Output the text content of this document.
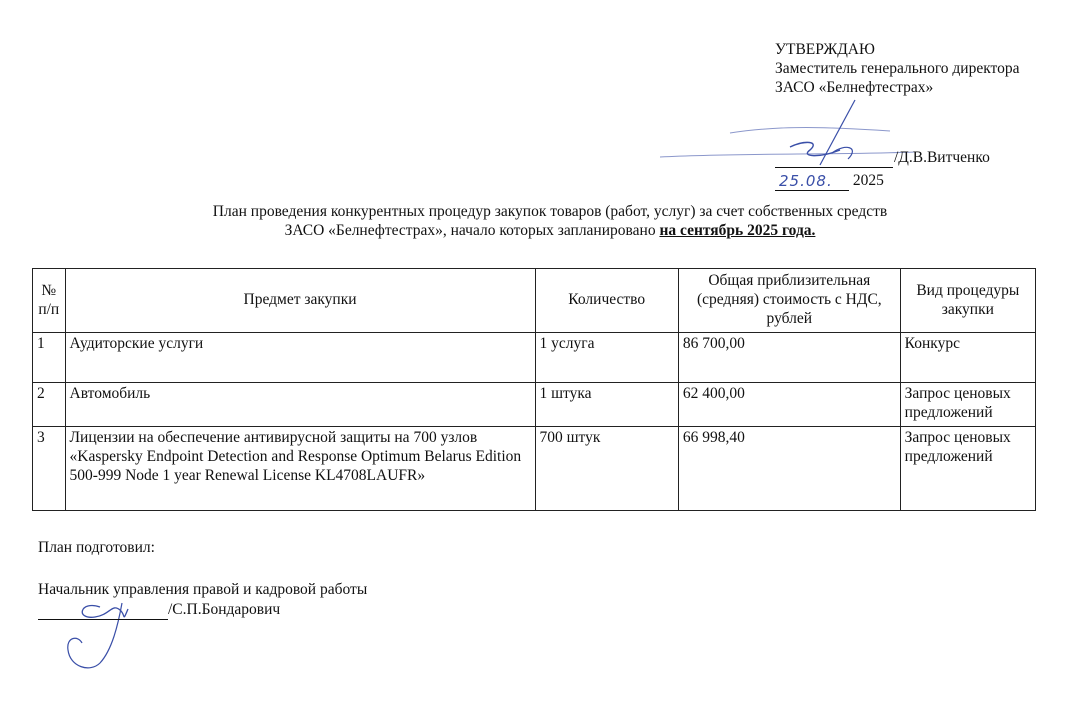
УТВЕРЖДАЮ
Заместитель генерального директора
ЗАСО «Белнефтестрах»
/Д.В.Витченко
25.08. 2025
План проведения конкурентных процедур закупок товаров (работ, услуг) за счет собственных средств
ЗАСО «Белнефтестрах», начало которых запланировано на сентябрь 2025 года.
№ п/п	Предмет закупки	Количество	Общая приблизительная (средняя) стоимость с НДС, рублей	Вид процедуры закупки
1	Аудиторские услуги	1 услуга	86 700,00	Конкурс
2	Автомобиль	1 штука	62 400,00	Запрос ценовых предложений
3	Лицензии на обеспечение антивирусной защиты на 700 узлов «Kaspersky Endpoint Detection and Response Optimum Belarus Edition 500-999 Node 1 year Renewal License KL4708LAUFR»	700 штук	66 998,40	Запрос ценовых предложений
План подготовил:
Начальник управления правой и кадровой работы
/С.П.Бондарович
